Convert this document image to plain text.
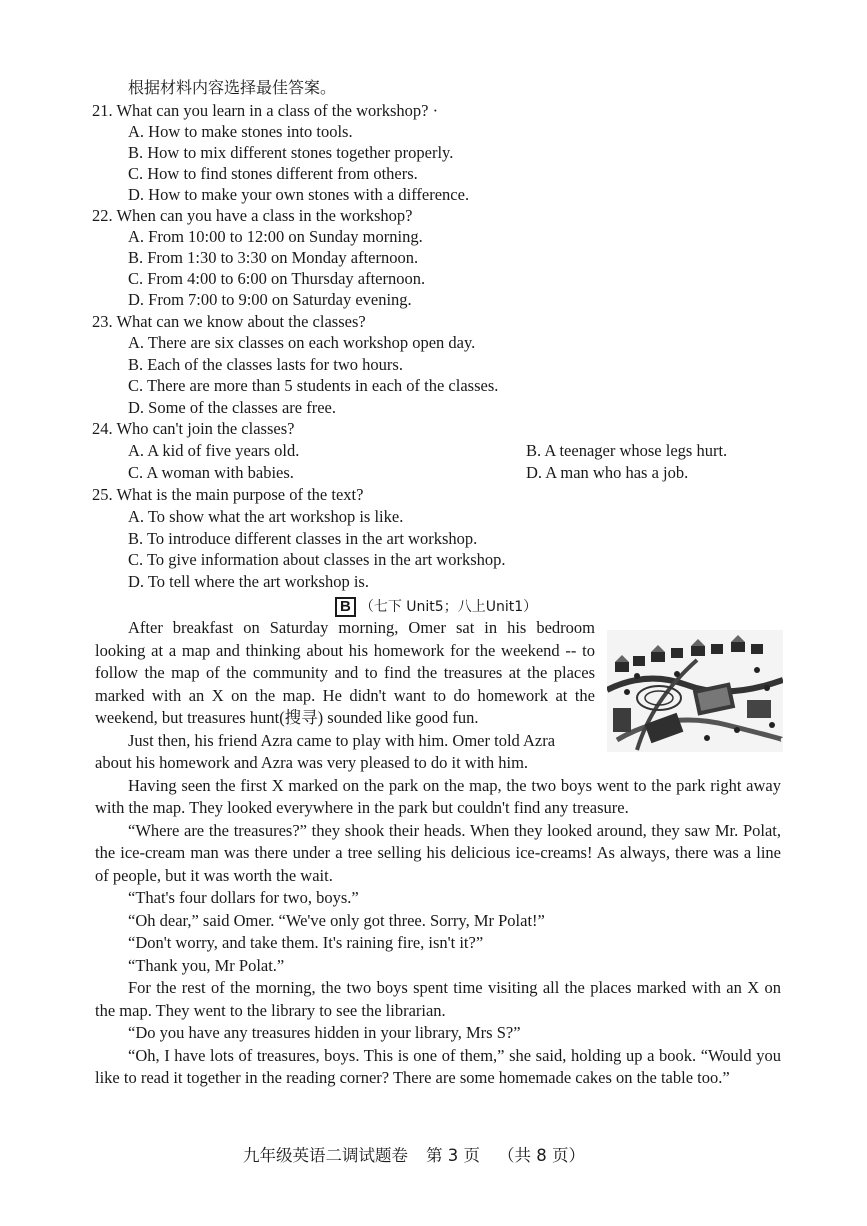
根据材料内容选择最佳答案。
21. What can you learn in a class of the workshop? ·
A. How to make stones into tools.
B. How to mix different stones together properly.
C. How to find stones different from others.
D. How to make your own stones with a difference.
22. When can you have a class in the workshop?
A. From 10:00 to 12:00 on Sunday morning.
B. From 1:30 to 3:30 on Monday afternoon.
C. From 4:00 to 6:00 on Thursday afternoon.
D. From 7:00 to 9:00 on Saturday evening.
23. What can we know about the classes?
A. There are six classes on each workshop open day.
B. Each of the classes lasts for two hours.
C. There are more than 5 students in each of the classes.
D. Some of the classes are free.
24. Who can't join the classes?
A. A kid of five years old.	B. A teenager whose legs hurt.
C. A woman with babies.	D. A man who has a job.
25. What is the main purpose of the text?
A. To show what the art workshop is like.
B. To introduce different classes in the art workshop.
C. To give information about classes in the art workshop.
D. To tell where the art workshop is.
B （七下 Unit5；八上Unit1）

After breakfast on Saturday morning, Omer sat in his bedroom looking at a map and thinking about his homework for the weekend -- to follow the map of the community and to find the treasures at the places marked with an X on the map. He didn't want to do homework at the weekend, but treasures hunt(搜寻) sounded like good fun.

Just then, his friend Azra came to play with him. Omer told Azra

about his homework and Azra was very pleased to do it with him.

Having seen the first X marked on the park on the map, the two boys went to the park right away with the map. They looked everywhere in the park but couldn't find any treasure.

“Where are the treasures?” they shook their heads. When they looked around, they saw Mr. Polat, the ice-cream man was there under a tree selling his delicious ice-creams! As always, there was a line of people, but it was worth the wait.

“That's four dollars for two, boys.”

“Oh dear,” said Omer. “We've only got three. Sorry, Mr Polat!”

“Don't worry, and take them. It's raining fire, isn't it?”

“Thank you, Mr Polat.”

For the rest of the morning, the two boys spent time visiting all the places marked with an X on the map. They went to the library to see the librarian.

“Do you have any treasures hidden in your library, Mrs S?”

“Oh, I have lots of treasures, boys. This is one of them,” she said, holding up a book. “Would you like to read it together in the reading corner? There are some homemade cakes on the table too.”

九年级英语二调试题卷 第 3 页 （共 8 页）
